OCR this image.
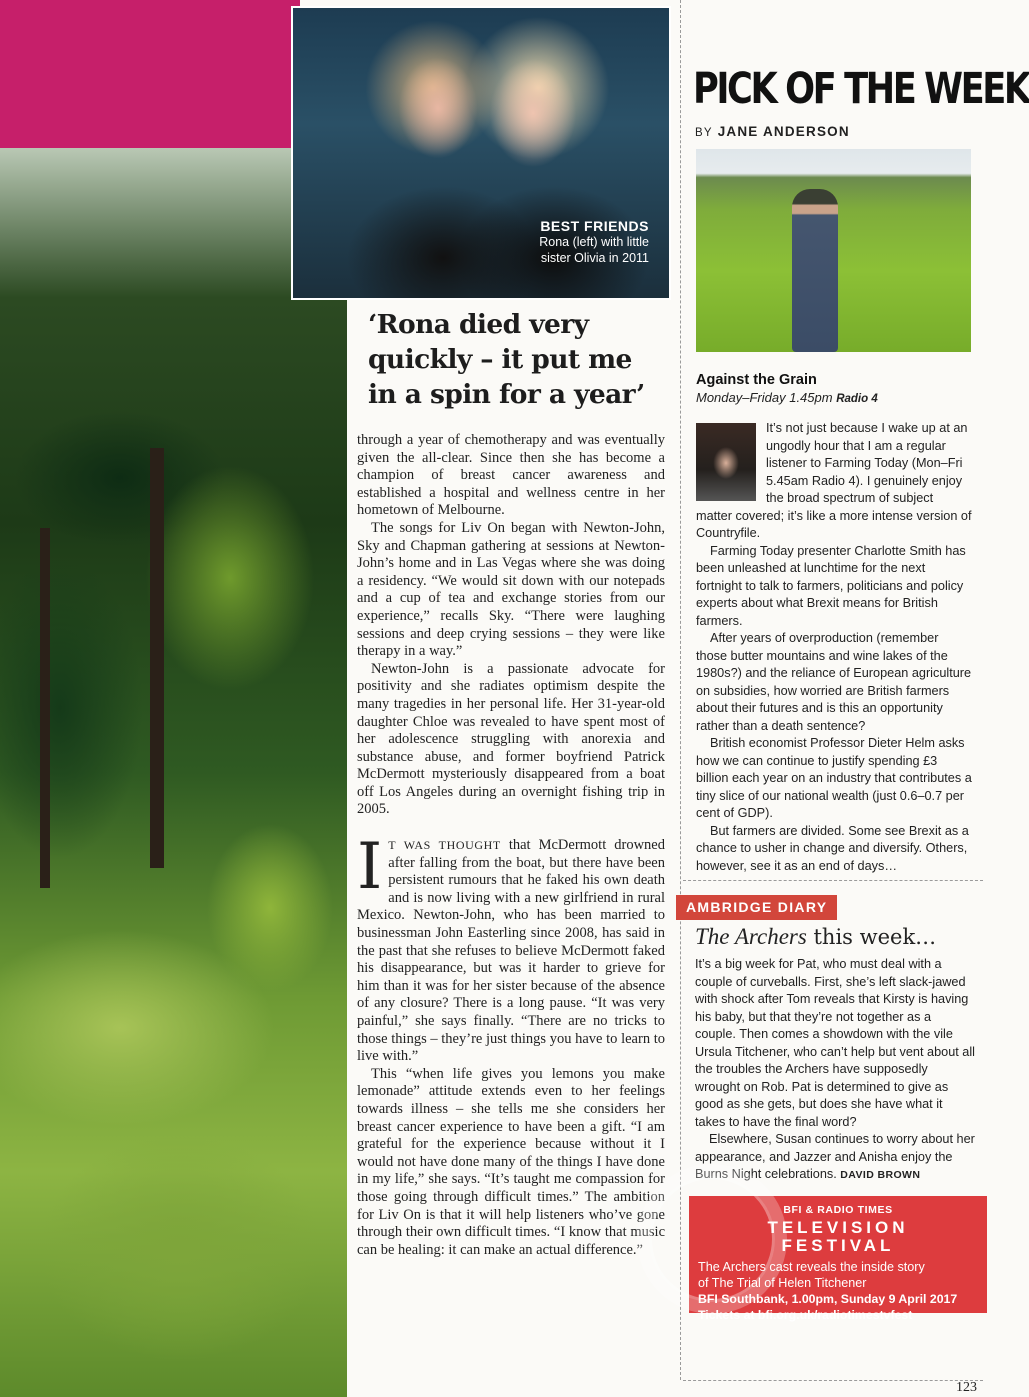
BEST FRIENDS
Rona (left) with little
sister Olivia in 2011
‘Rona died very
quickly – it put me
in a spin for a year’

through a year of chemotherapy and was eventually given the all-clear. Since then she has become a champion of breast cancer awareness and established a hospital and wellness centre in her hometown of Melbourne.

The songs for Liv On began with Newton-John, Sky and Chapman gathering at sessions at Newton-John’s home and in Las Vegas where she was doing a residency. “We would sit down with our notepads and a cup of tea and exchange stories from our experience,” recalls Sky. “There were laughing sessions and deep crying sessions – they were like therapy in a way.”

Newton-John is a passionate advocate for positivity and she radiates optimism despite the many tragedies in her personal life. Her 31-year-old daughter Chloe was revealed to have spent most of her adolescence struggling with anorexia and substance abuse, and former boyfriend Patrick McDermott mysteriously disappeared from a boat off Los Angeles during an overnight fishing trip in 2005.

IT WAS THOUGHT that McDermott drowned after falling from the boat, but there have been persistent rumours that he faked his own death and is now living with a new girlfriend in rural Mexico. Newton-John, who has been married to businessman John Easterling since 2008, has said in the past that she refuses to believe McDermott faked his disappearance, but was it harder to grieve for him than it was for her sister because of the absence of any closure? There is a long pause. “It was very painful,” she says finally. “There are no tricks to those things – they’re just things you have to learn to live with.”

This “when life gives you lemons you make lemonade” attitude extends even to her feelings towards illness – she tells me she considers her breast cancer experience to have been a gift. “I am grateful for the experience because without it I would not have done many of the things I have done in my life,” she says. “It’s taught me compassion for those going through difficult times.” The ambition for Liv On is that it will help listeners who’ve gone through their own difficult times. “I know that music can be healing: it can make an actual difference.”

PICK OF THE WEEK
BY JANE ANDERSON
Against the Grain
Monday–Friday 1.45pm Radio 4

It’s not just because I wake up at an ungodly hour that I am a regular listener to Farming Today (Mon–Fri 5.45am Radio 4). I genuinely enjoy the broad spectrum of subject matter covered; it’s like a more intense version of Countryfile.

Farming Today presenter Charlotte Smith has been unleashed at lunchtime for the next fortnight to talk to farmers, politicians and policy experts about what Brexit means for British farmers.

After years of overproduction (remember those butter mountains and wine lakes of the 1980s?) and the reliance of European agriculture on subsidies, how worried are British farmers about their futures and is this an opportunity rather than a death sentence?

British economist Professor Dieter Helm asks how we can continue to justify spending £3 billion each year on an industry that contributes a tiny slice of our national wealth (just 0.6–0.7 per cent of GDP).

But farmers are divided. Some see Brexit as a chance to usher in change and diversify. Others, however, see it as an end of days…

AMBRIDGE DIARY
The Archers this week…

It’s a big week for Pat, who must deal with a couple of curveballs. First, she’s left slack-jawed with shock after Tom reveals that Kirsty is having his baby, but that they’re not together as a couple. Then comes a showdown with the vile Ursula Titchener, who can’t help but vent about all the troubles the Archers have supposedly wrought on Rob. Pat is determined to give as good as she gets, but does she have what it takes to have the final word?

Elsewhere, Susan continues to worry about her appearance, and Jazzer and Anisha enjoy the Burns Night celebrations. DAVID BROWN

BFI & RADIO TIMES
TELEVISION
FESTIVAL
The Archers cast reveals the inside story
of The Trial of Helen Titchener
BFI Southbank, 1.00pm, Sunday 9 April 2017
Tickets at bfi.org.uk/radiotimestvfest
123
